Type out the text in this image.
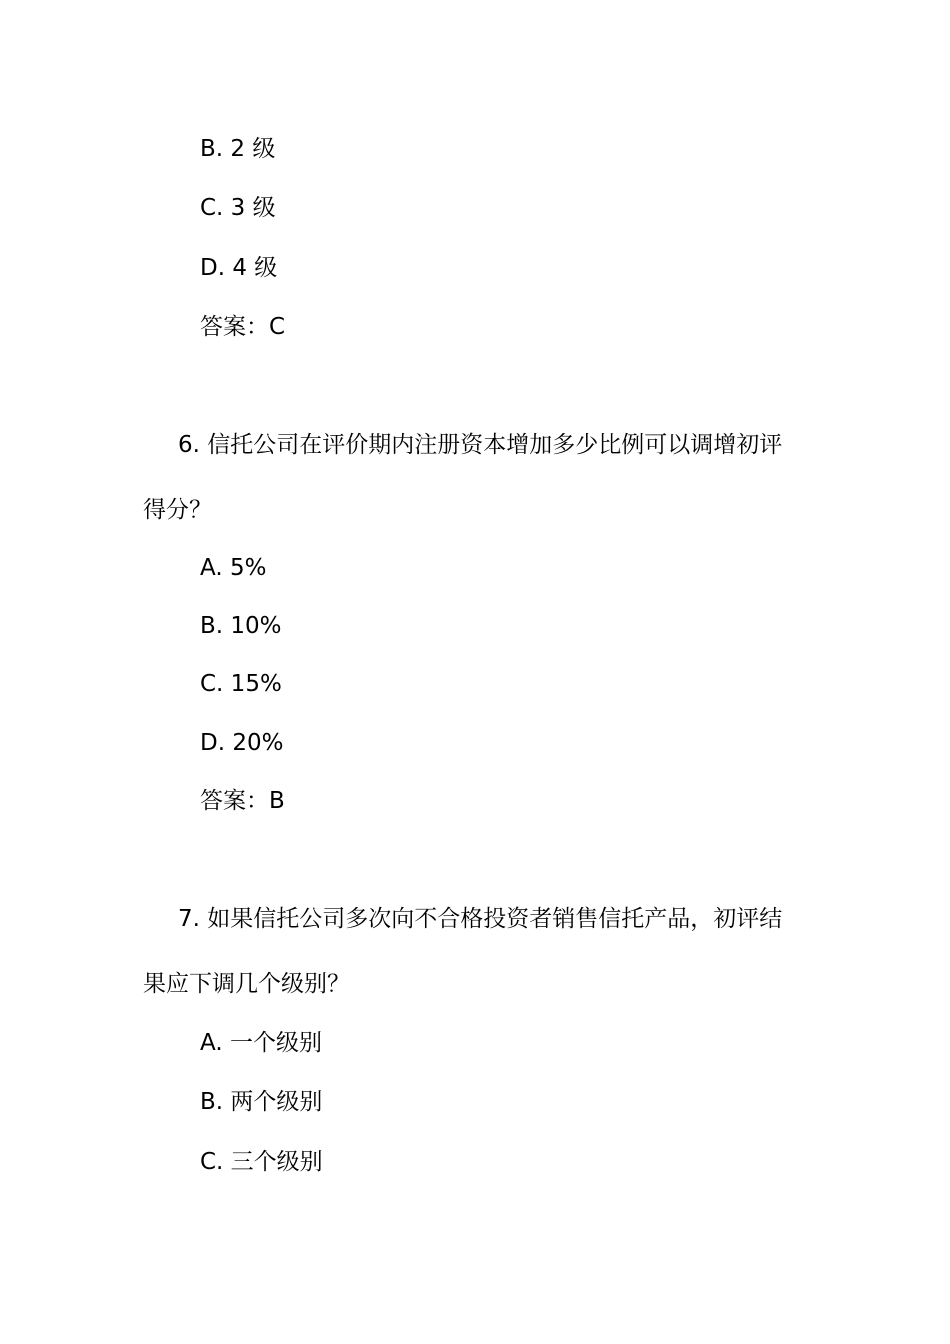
B. 2 级
C. 3 级
D. 4 级
答案：C
6. 信托公司在评价期内注册资本增加多少比例可以调增初评
得分？
A. 5%
B. 10%
C. 15%
D. 20%
答案：B
7. 如果信托公司多次向不合格投资者销售信托产品，初评结
果应下调几个级别？
A. 一个级别
B. 两个级别
C. 三个级别
